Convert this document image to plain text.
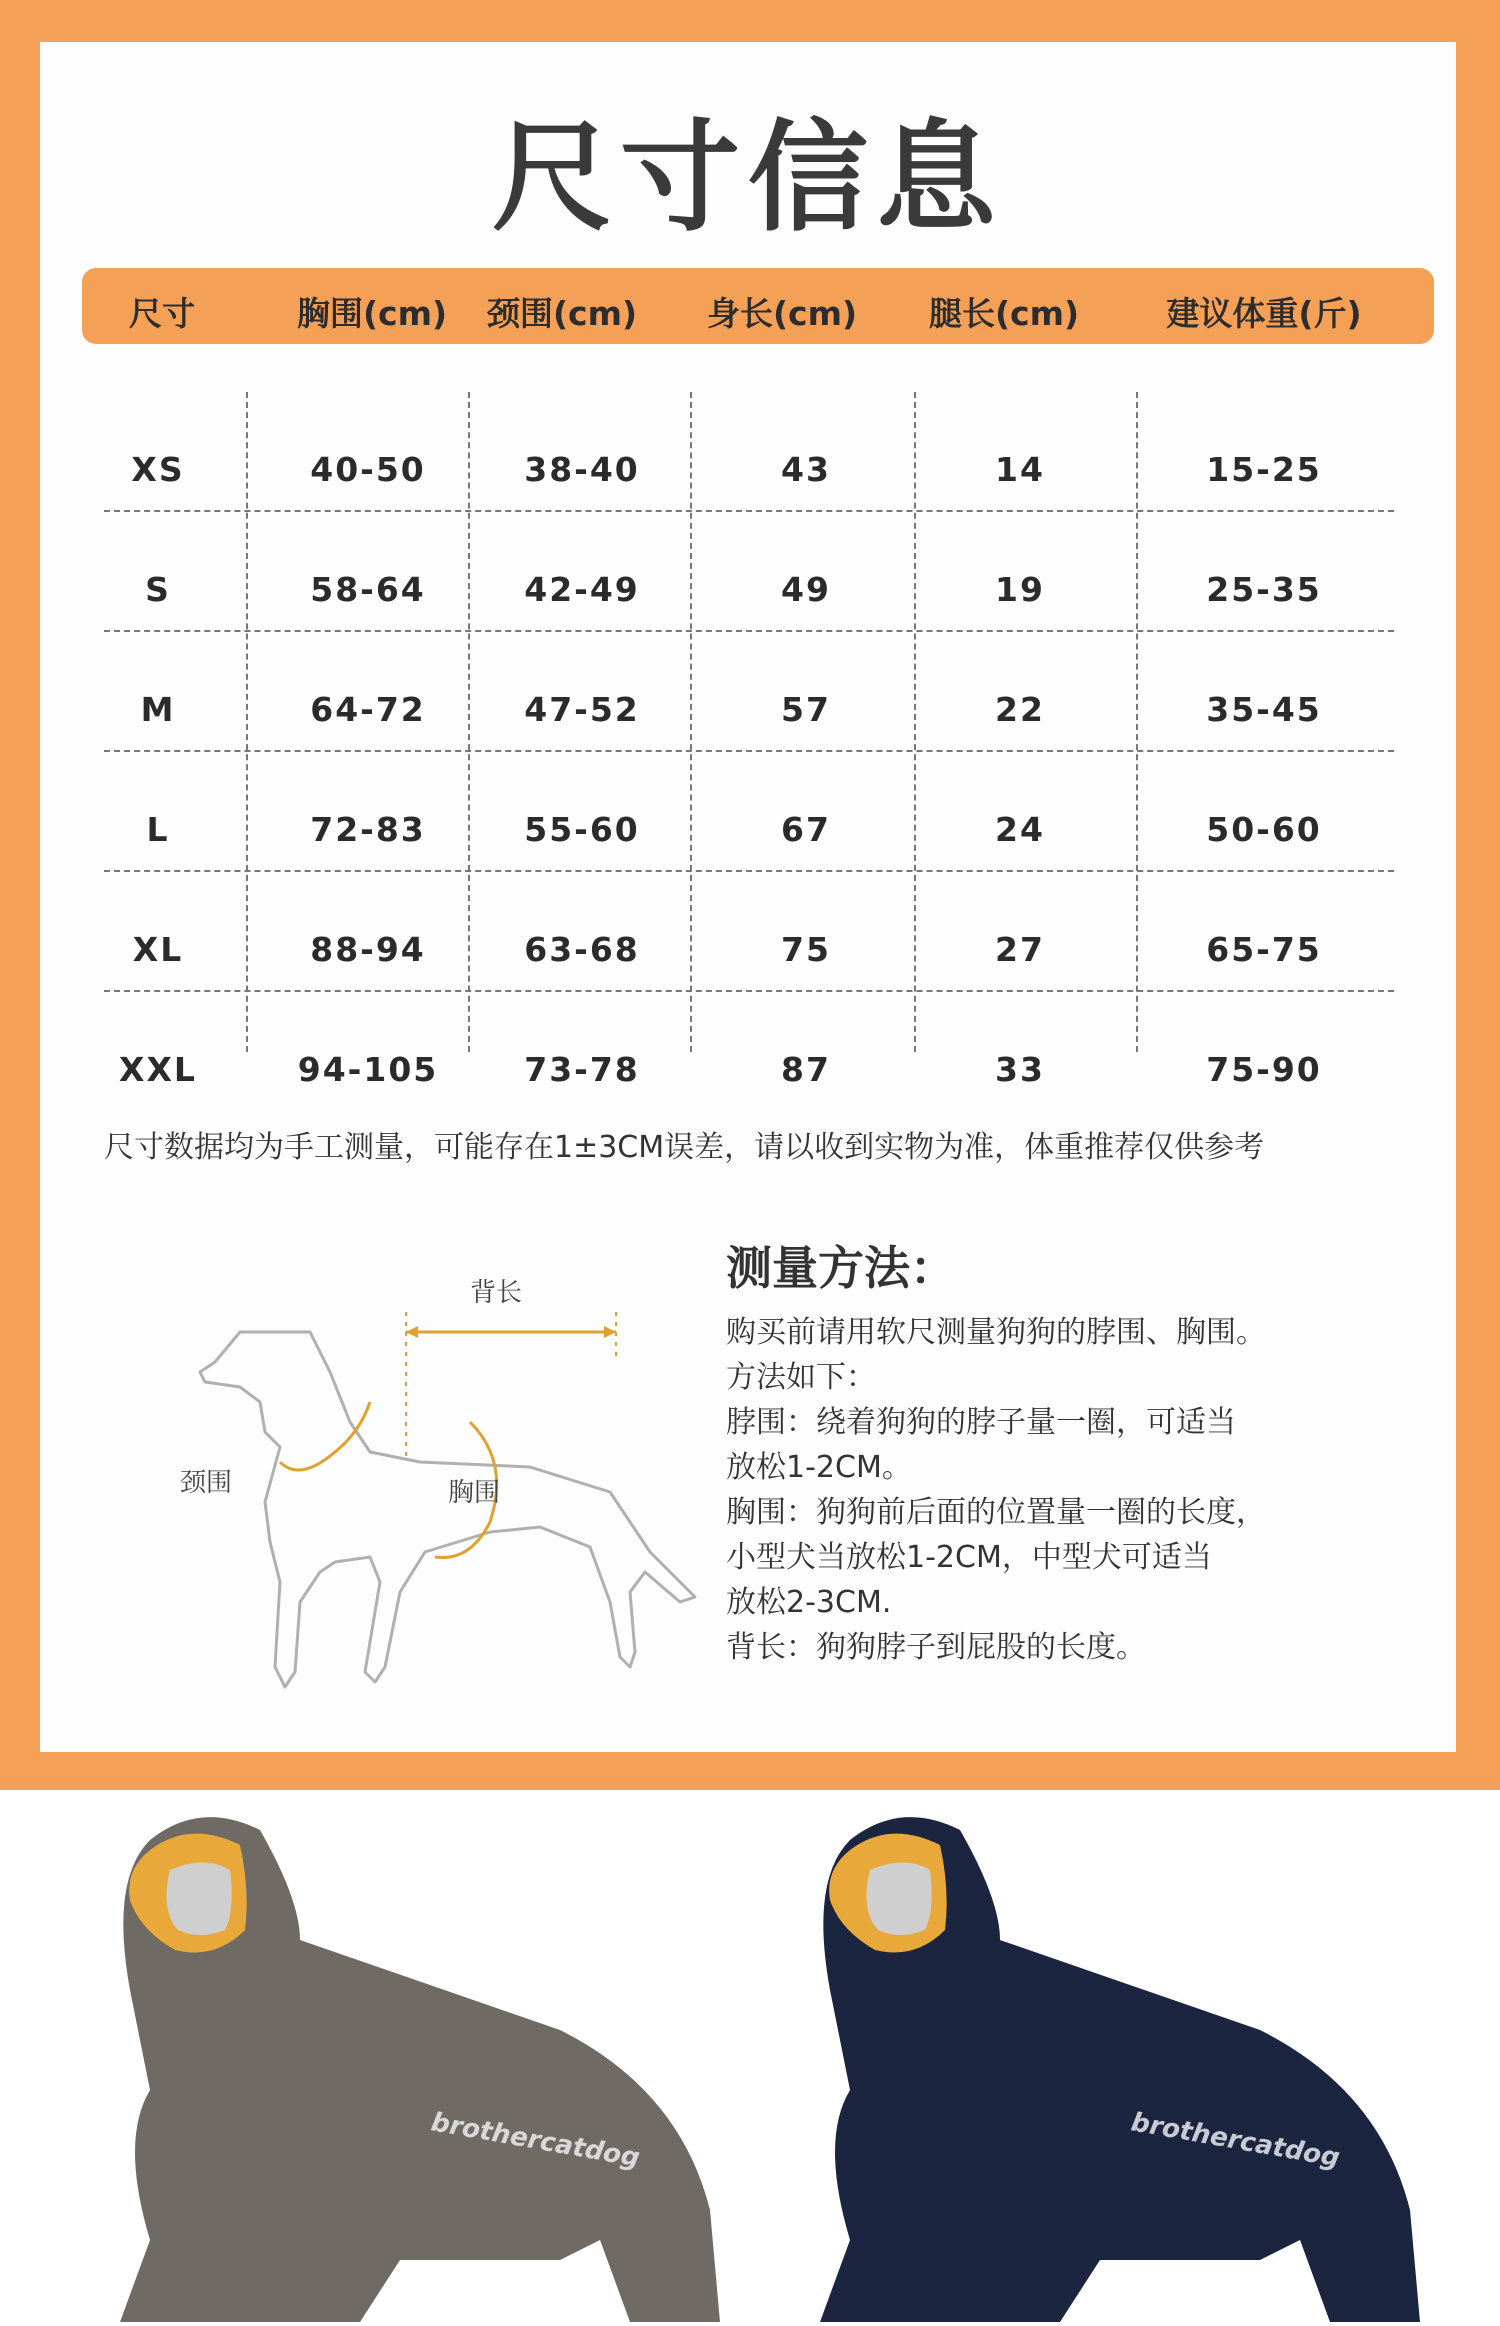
尺寸信息
尺寸	胸围(cm) 颈围(cm) 身长(cm) 腿长(cm)	建议体重(斤)
XS	40-50	38-40	43	14	15-25
S	58-64	42-49	49	19	25-35
M	64-72	47-52	57	22	35-45
L	72-83	55-60	67	24	50-60
XL	88-94	63-68	75	27	65-75
XXL	94-105	73-78	87	33	75-90
尺寸数据均为手工测量，可能存在1±3CM误差，请以收到实物为准，体重推荐仅供参考
背长
颈围	胸围
测量方法：
购买前请用软尺测量狗狗的脖围、胸围。
方法如下：
脖围：绕着狗狗的脖子量一圈，可适当
放松1-2CM。
胸围：狗狗前后面的位置量一圈的长度，
小型犬当放松1-2CM，中型犬可适当
放松2-3CM.
背长：狗狗脖子到屁股的长度。
brothercatdog	brothercatdog
